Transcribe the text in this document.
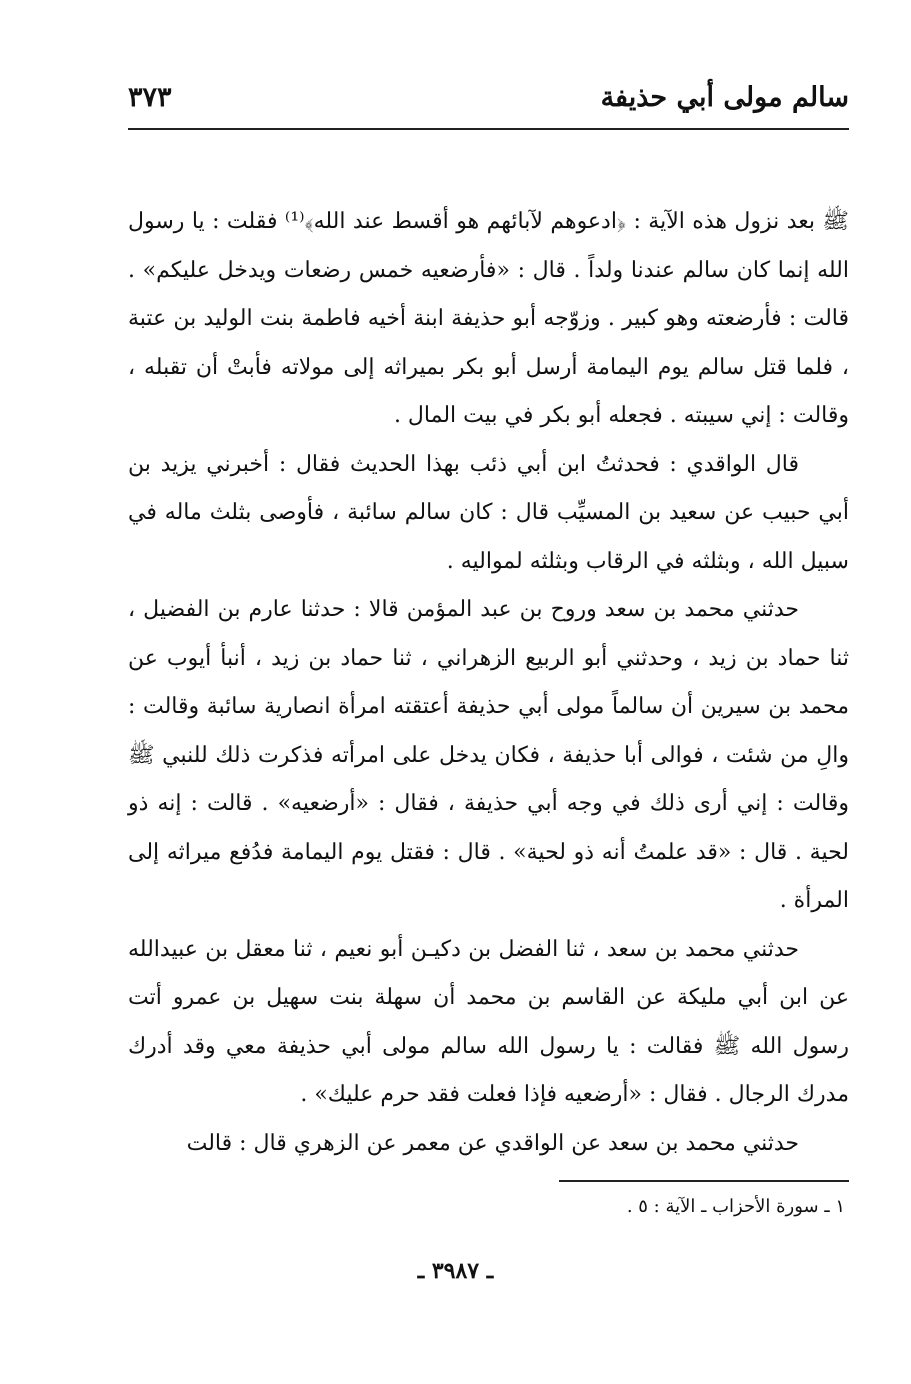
سالم مولى أبي حذيفة
٣٧٣

ﷺ بعد نزول هذه الآية : ﴿ادعوهم لآبائهم هو أقسط عند الله﴾⁽¹⁾ فقلت : يا رسول الله إنما كان سالم عندنا ولداً . قال : «فأرضعيه خمس رضعات ويدخل عليكم» . قالت : فأرضعته وهو كبير . وزوّجه أبو حذيفة ابنة أخيه فاطمة بنت الوليد بن عتبة ، فلما قتل سالم يوم اليمامة أرسل أبو بكر بميراثه إلى مولاته فأبتْ أن تقبله ، وقالت : إني سيبته . فجعله أبو بكر في بيت المال .

قال الواقدي : فحدثتُ ابن أبي ذئب بهذا الحديث فقال : أخبرني يزيد بن أبي حبيب عن سعيد بن المسيِّب قال : كان سالم سائبة ، فأوصى بثلث ماله في سبيل الله ، وبثلثه في الرقاب وبثلثه لمواليه .

حدثني محمد بن سعد وروح بن عبد المؤمن قالا : حدثنا عارم بن الفضيل ، ثنا حماد بن زيد ، وحدثني أبو الربيع الزهراني ، ثنا حماد بن زيد ، أنبأ أيوب عن محمد بن سيرين أن سالماً مولى أبي حذيفة أعتقته امرأة انصارية سائبة وقالت : والِ من شئت ، فوالى أبا حذيفة ، فكان يدخل على امرأته فذكرت ذلك للنبي ﷺ وقالت : إني أرى ذلك في وجه أبي حذيفة ، فقال : «أرضعيه» . قالت : إنه ذو لحية . قال : «قد علمتُ أنه ذو لحية» . قال : فقتل يوم اليمامة فدُفع ميراثه إلى المرأة .

حدثني محمد بن سعد ، ثنا الفضل بن دكيـن أبو نعيم ، ثنا معقل بن عبيدالله عن ابن أبي مليكة عن القاسم بن محمد أن سهلة بنت سهيل بن عمرو أتت رسول الله ﷺ فقالت : يا رسول الله سالم مولى أبي حذيفة معي وقد أدرك مدرك الرجال . فقال : «أرضعيه فإذا فعلت فقد حرم عليك» .

حدثني محمد بن سعد عن الواقدي عن معمر عن الزهري قال : قالت

١ ـ سورة الأحزاب ـ الآية : ٥ .
ـ ٣٩٨٧ ـ
